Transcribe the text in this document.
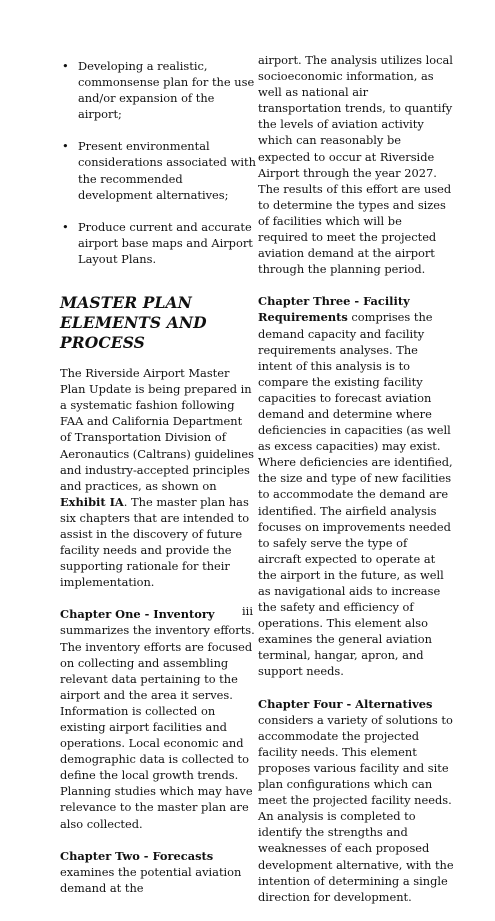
• Developing a realistic, commonsense plan for the use and/or expansion of the airport;
• Present environmental considerations associated with the recommended development alternatives;
• Produce current and accurate airport base maps and Airport Layout Plans.
MASTER PLAN
ELEMENTS AND PROCESS

The Riverside Airport Master Plan Update is being prepared in a systematic fashion following FAA and California Department of Transportation Division of Aeronautics (Caltrans) guidelines and industry-accepted principles and practices, as shown on Exhibit IA. The master plan has six chapters that are intended to assist in the discovery of future facility needs and provide the supporting rationale for their implementation.

Chapter One - Inventory summarizes the inventory efforts. The inventory efforts are focused on collecting and assembling relevant data pertaining to the airport and the area it serves. Information is collected on existing airport facilities and operations. Local economic and demographic data is collected to define the local growth trends. Planning studies which may have relevance to the master plan are also collected.

Chapter Two - Forecasts examines the potential aviation demand at the

airport. The analysis utilizes local socioeconomic information, as well as national air transportation trends, to quantify the levels of aviation activity which can reasonably be expected to occur at Riverside Airport through the year 2027. The results of this effort are used to determine the types and sizes of facilities which will be required to meet the projected aviation demand at the airport through the planning period.

Chapter Three - Facility Requirements comprises the demand capacity and facility requirements analyses. The intent of this analysis is to compare the existing facility capacities to forecast aviation demand and determine where deficiencies in capacities (as well as excess capacities) may exist. Where deficiencies are identified, the size and type of new facilities to accommodate the demand are identified. The airfield analysis focuses on improvements needed to safely serve the type of aircraft expected to operate at the airport in the future, as well as navigational aids to increase the safety and efficiency of operations. This element also examines the general aviation terminal, hangar, apron, and support needs.

Chapter Four - Alternatives considers a variety of solutions to accommodate the projected facility needs. This element proposes various facility and site plan configurations which can meet the projected facility needs. An analysis is completed to identify the strengths and weaknesses of each proposed development alternative, with the intention of determining a single direction for development.

iii
